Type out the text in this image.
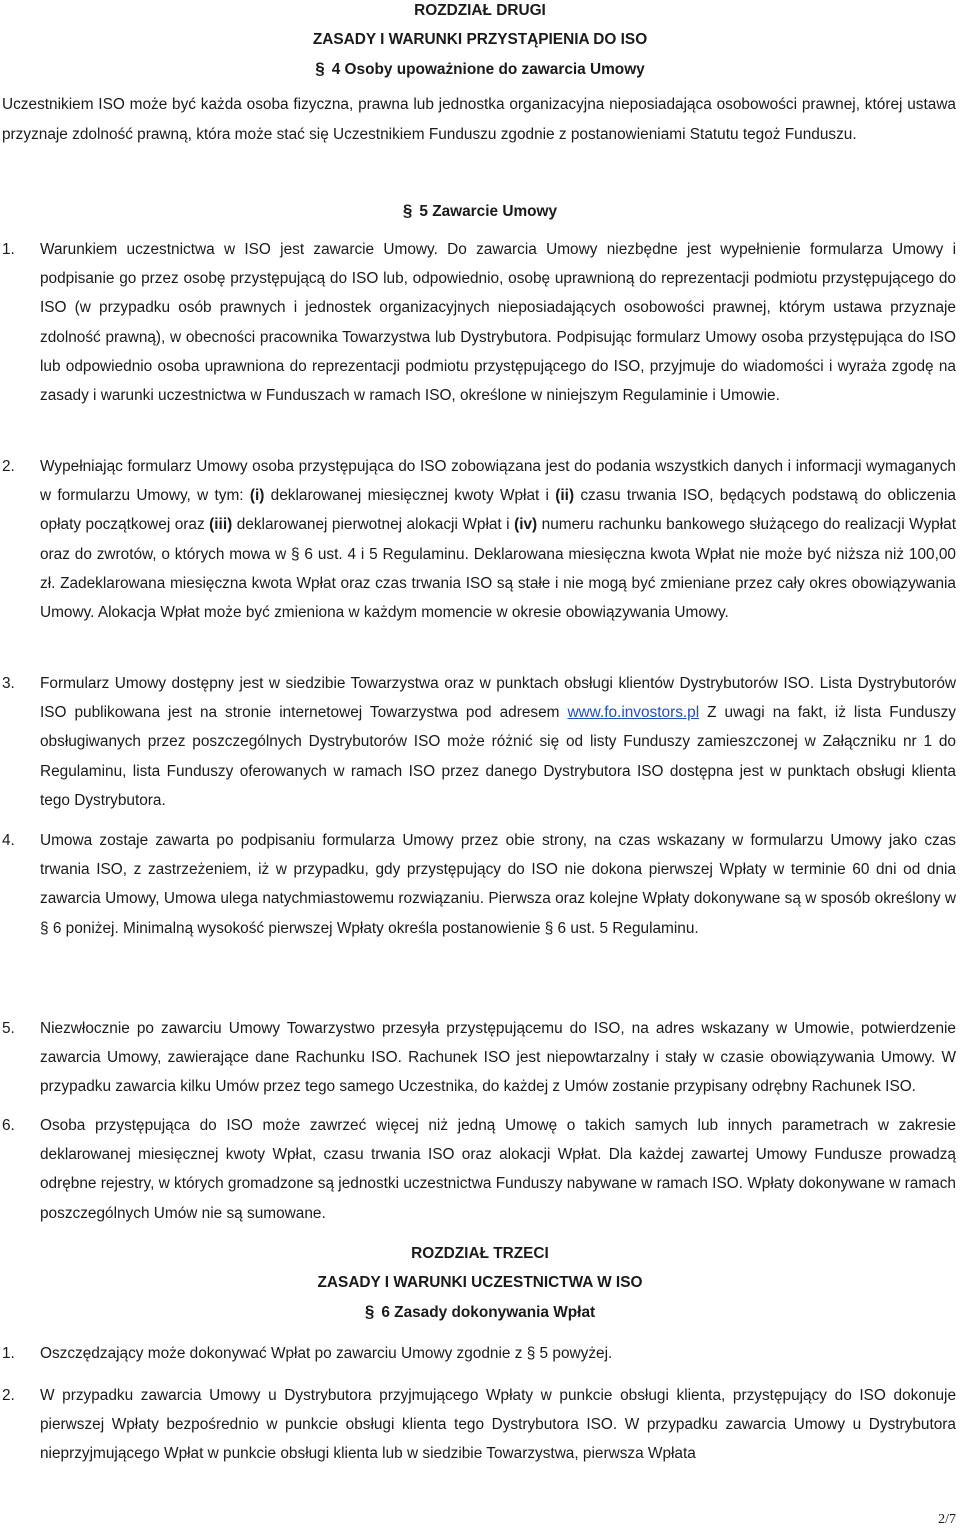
ROZDZIAŁ DRUGI

ZASADY I WARUNKI PRZYSTĄPIENIA DO ISO

§ 4 Osoby upoważnione do zawarcia Umowy

Uczestnikiem ISO może być każda osoba fizyczna, prawna lub jednostka organizacyjna nieposiadająca osobowości prawnej, której ustawa przyznaje zdolność prawną, która może stać się Uczestnikiem Funduszu zgodnie z postanowieniami Statutu tegoż Funduszu.

§ 5 Zawarcie Umowy

1.	Warunkiem uczestnictwa w ISO jest zawarcie Umowy. Do zawarcia Umowy niezbędne jest wypełnienie formularza Umowy i podpisanie go przez osobę przystępującą do ISO lub, odpowiednio, osobę uprawnioną do reprezentacji podmiotu przystępującego do ISO (w przypadku osób prawnych i jednostek organizacyjnych nieposiadających osobowości prawnej, którym ustawa przyznaje zdolność prawną), w obecności pracownika Towarzystwa lub Dystrybutora. Podpisując formularz Umowy osoba przystępująca do ISO lub odpowiednio osoba uprawniona do reprezentacji podmiotu przystępującego do ISO, przyjmuje do wiadomości i wyraża zgodę na zasady i warunki uczestnictwa w Funduszach w ramach ISO, określone w niniejszym Regulaminie i Umowie.
2.	Wypełniając formularz Umowy osoba przystępująca do ISO zobowiązana jest do podania wszystkich danych i informacji wymaganych w formularzu Umowy, w tym: (i) deklarowanej miesięcznej kwoty Wpłat i (ii) czasu trwania ISO, będących podstawą do obliczenia opłaty początkowej oraz (iii) deklarowanej pierwotnej alokacji Wpłat i (iv) numeru rachunku bankowego służącego do realizacji Wypłat oraz do zwrotów, o których mowa w § 6 ust. 4 i 5 Regulaminu. Deklarowana miesięczna kwota Wpłat nie może być niższa niż 100,00 zł. Zadeklarowana miesięczna kwota Wpłat oraz czas trwania ISO są stałe i nie mogą być zmieniane przez cały okres obowiązywania Umowy. Alokacja Wpłat może być zmieniona w każdym momencie w okresie obowiązywania Umowy.
3.	Formularz Umowy dostępny jest w siedzibie Towarzystwa oraz w punktach obsługi klientów Dystrybutorów ISO. Lista Dystrybutorów ISO publikowana jest na stronie internetowej Towarzystwa pod adresem www.fo.invostors.pl Z uwagi na fakt, iż lista Funduszy obsługiwanych przez poszczególnych Dystrybutorów ISO może różnić się od listy Funduszy zamieszczonej w Załączniku nr 1 do Regulaminu, lista Funduszy oferowanych w ramach ISO przez danego Dystrybutora ISO dostępna jest w punktach obsługi klienta tego Dystrybutora.
4.	Umowa zostaje zawarta po podpisaniu formularza Umowy przez obie strony, na czas wskazany w formularzu Umowy jako czas trwania ISO, z zastrzeżeniem, iż w przypadku, gdy przystępujący do ISO nie dokona pierwszej Wpłaty w terminie 60 dni od dnia zawarcia Umowy, Umowa ulega natychmiastowemu rozwiązaniu. Pierwsza oraz kolejne Wpłaty dokonywane są w sposób określony w § 6 poniżej. Minimalną wysokość pierwszej Wpłaty określa postanowienie § 6 ust. 5 Regulaminu.
5.	Niezwłocznie po zawarciu Umowy Towarzystwo przesyła przystępującemu do ISO, na adres wskazany w Umowie, potwierdzenie zawarcia Umowy, zawierające dane Rachunku ISO. Rachunek ISO jest niepowtarzalny i stały w czasie obowiązywania Umowy. W przypadku zawarcia kilku Umów przez tego samego Uczestnika, do każdej z Umów zostanie przypisany odrębny Rachunek ISO.
6.	Osoba przystępująca do ISO może zawrzeć więcej niż jedną Umowę o takich samych lub innych parametrach w zakresie deklarowanej miesięcznej kwoty Wpłat, czasu trwania ISO oraz alokacji Wpłat. Dla każdej zawartej Umowy Fundusze prowadzą odrębne rejestry, w których gromadzone są jednostki uczestnictwa Funduszy nabywane w ramach ISO. Wpłaty dokonywane w ramach poszczególnych Umów nie są sumowane.

ROZDZIAŁ TRZECI

ZASADY I WARUNKI UCZESTNICTWA W ISO

§ 6 Zasady dokonywania Wpłat

1.	Oszczędzający może dokonywać Wpłat po zawarciu Umowy zgodnie z § 5 powyżej.
2.	W przypadku zawarcia Umowy u Dystrybutora przyjmującego Wpłaty w punkcie obsługi klienta, przystępujący do ISO dokonuje pierwszej Wpłaty bezpośrednio w punkcie obsługi klienta tego Dystrybutora ISO. W przypadku zawarcia Umowy u Dystrybutora nieprzyjmującego Wpłat w punkcie obsługi klienta lub w siedzibie Towarzystwa, pierwsza Wpłata
2/7
